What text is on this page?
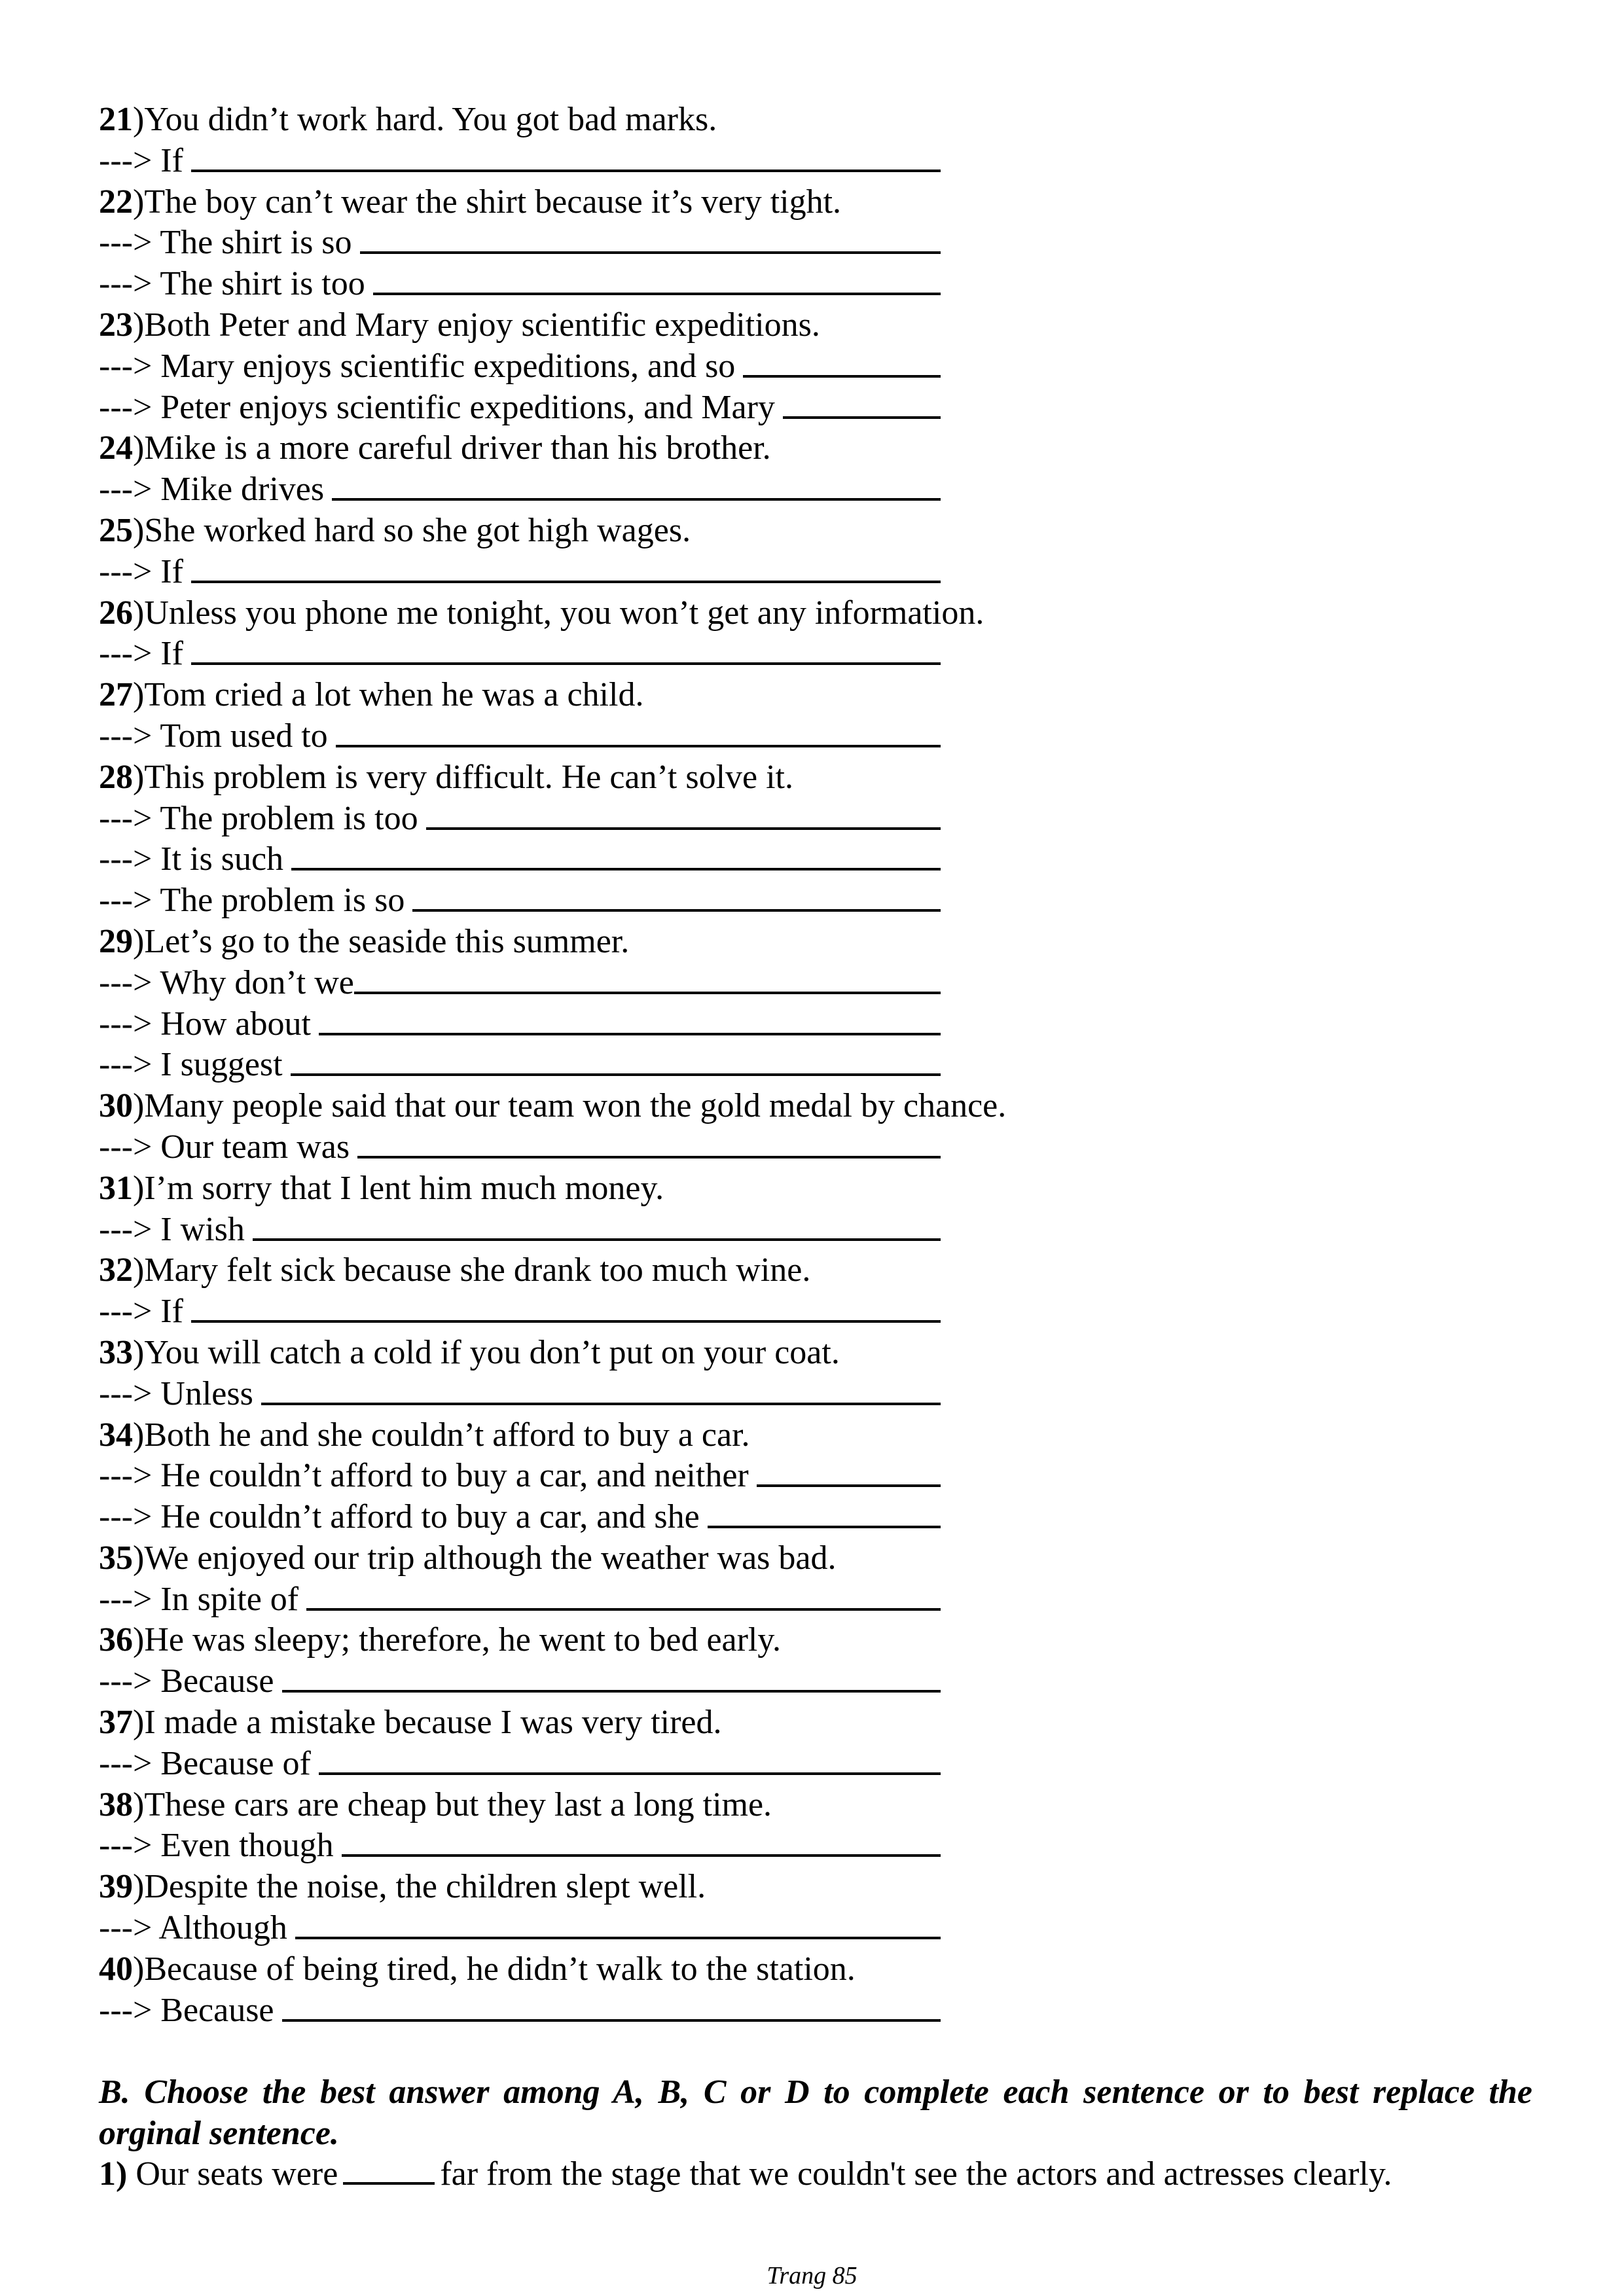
21 ) You didn’t work hard. You got bad marks.
---> If
22 ) The boy can’t wear the shirt because it’s very tight.
---> The shirt is so
---> The shirt is too
23 ) Both Peter and Mary enjoy scientific expeditions.
---> Mary enjoys scientific expeditions, and so
---> Peter enjoys scientific expeditions, and Mary
24 ) Mike is a more careful driver than his brother.
---> Mike drives
25 ) She worked hard so she got high wages.
---> If
26 ) Unless you phone me tonight, you won’t get any information.
---> If
27 ) Tom cried a lot when he was a child.
---> Tom used to
28 ) This problem is very difficult. He can’t solve it.
---> The problem is too
---> It is such
---> The problem is so
29 ) Let’s go to the seaside this summer.
---> Why don’t we
---> How about
---> I suggest
30 ) Many people said that our team won the gold medal by chance.
---> Our team was
31 ) I’m sorry that I lent him much money.
---> I wish
32 ) Mary felt sick because she drank too much wine.
---> If
33 ) You will catch a cold if you don’t put on your coat.
---> Unless
34 ) Both he and she couldn’t afford to buy a car.
---> He couldn’t afford to buy a car, and neither
---> He couldn’t afford to buy a car, and she
35 ) We enjoyed our trip although the weather was bad.
---> In spite of
36 ) He was sleepy; therefore, he went to bed early.
---> Because
37 ) I made a mistake because I was very tired.
---> Because of
38 ) These cars are cheap but they last a long time.
---> Even though
39 ) Despite the noise, the children slept well.
---> Although
40 ) Because of being tired, he didn’t walk to the station.
---> Because
B. Choose the best answer among A, B, C or D to complete each sentence or to best replace the orginal sentence.
1) Our seats were	far from the stage that we couldn't see the actors and actresses clearly.
Trang 85
